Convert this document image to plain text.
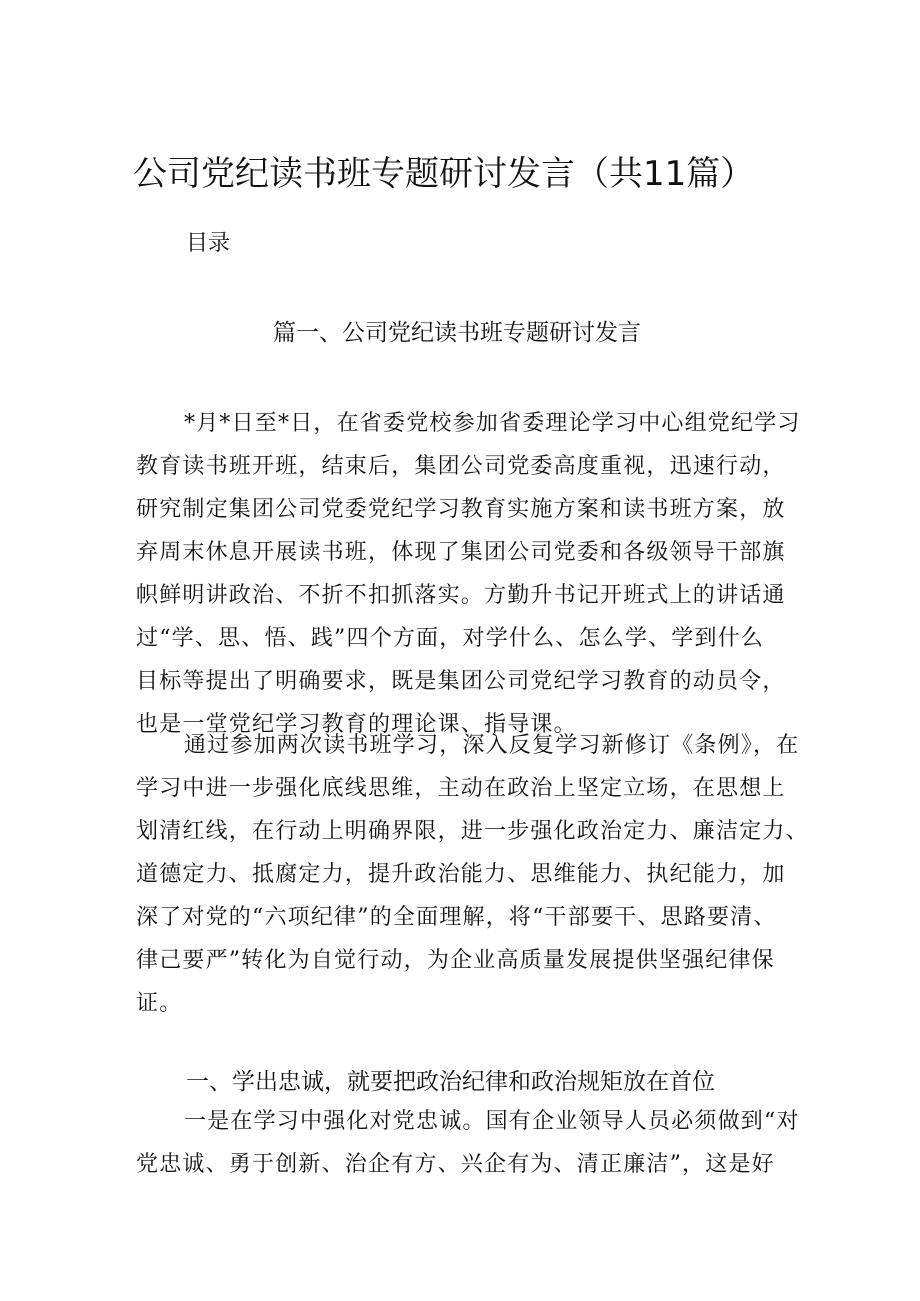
公司党纪读书班专题研讨发言（共11篇）
目录
篇一、公司党纪读书班专题研讨发言
*月*日至*日，在省委党校参加省委理论学习中心组党纪学习
教育读书班开班，结束后，集团公司党委高度重视，迅速行动，
研究制定集团公司党委党纪学习教育实施方案和读书班方案，放
弃周末休息开展读书班，体现了集团公司党委和各级领导干部旗
帜鲜明讲政治、不折不扣抓落实。方勤升书记开班式上的讲话通
过“学、思、悟、践”四个方面，对学什么、怎么学、学到什么
目标等提出了明确要求，既是集团公司党纪学习教育的动员令，
也是一堂党纪学习教育的理论课、指导课。
通过参加两次读书班学习，深入反复学习新修订《条例》，在
学习中进一步强化底线思维，主动在政治上坚定立场，在思想上
划清红线，在行动上明确界限，进一步强化政治定力、廉洁定力、
道德定力、抵腐定力，提升政治能力、思维能力、执纪能力，加
深了对党的“六项纪律”的全面理解，将“干部要干、思路要清、
律己要严”转化为自觉行动，为企业高质量发展提供坚强纪律保
证。
一、学出忠诚，就要把政治纪律和政治规矩放在首位
一是在学习中强化对党忠诚。国有企业领导人员必须做到“对
党忠诚、勇于创新、治企有方、兴企有为、清正廉洁”，这是好
